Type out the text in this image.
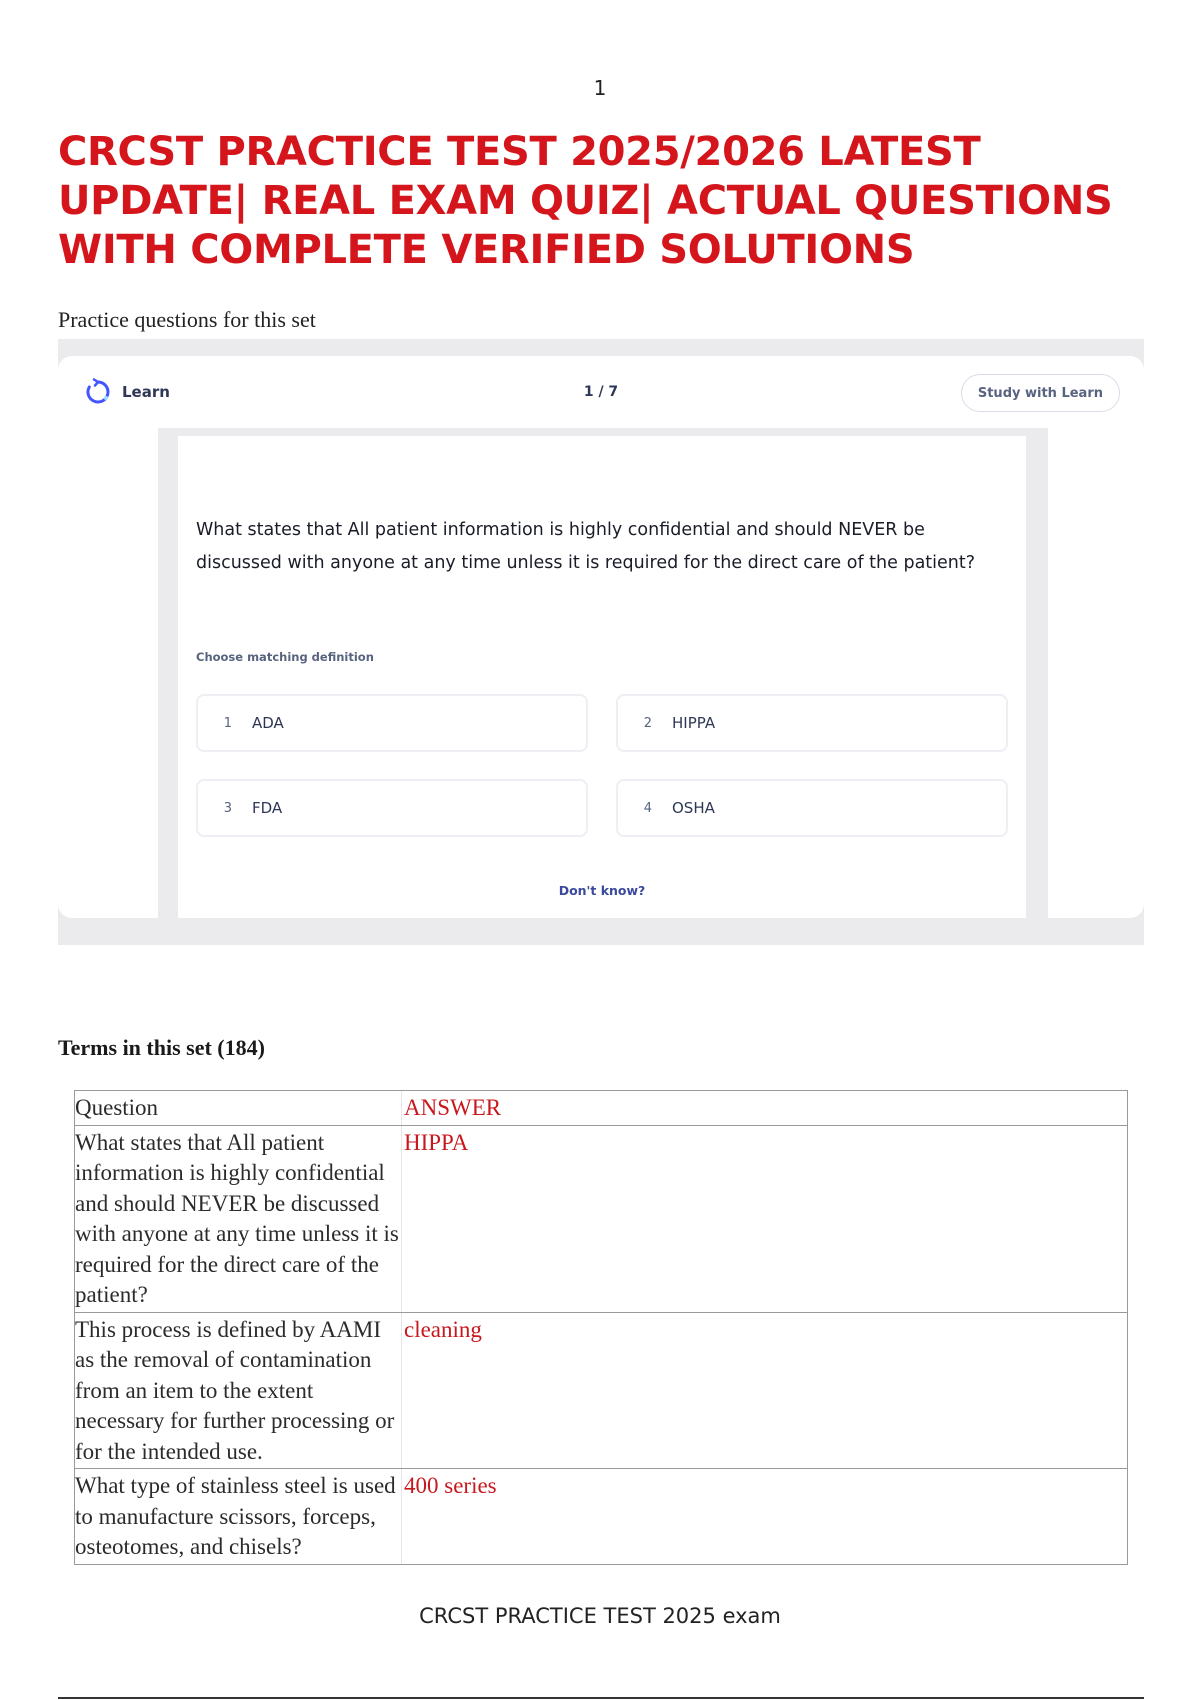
1
CRCST PRACTICE TEST 2025/2026 LATEST UPDATE| REAL EXAM QUIZ| ACTUAL QUESTIONS WITH COMPLETE VERIFIED SOLUTIONS
Practice questions for this set
Learn	1 / 7	Study with Learn
What states that All patient information is highly confidential and should NEVER be discussed with anyone at any time unless it is required for the direct care of the patient?
Choose matching definition
1 ADA	2 HIPPA
3 FDA	4 OSHA
Don't know?
Terms in this set (184)
Question	ANSWER
What states that All patient information is highly confidential and should NEVER be discussed with anyone at any time unless it is required for the direct care of the patient?	HIPPA
This process is defined by AAMI as the removal of contamination from an item to the extent necessary for further processing or for the intended use.	cleaning
What type of stainless steel is used to manufacture scissors, forceps, osteotomes, and chisels?	400 series
CRCST PRACTICE TEST 2025 exam
